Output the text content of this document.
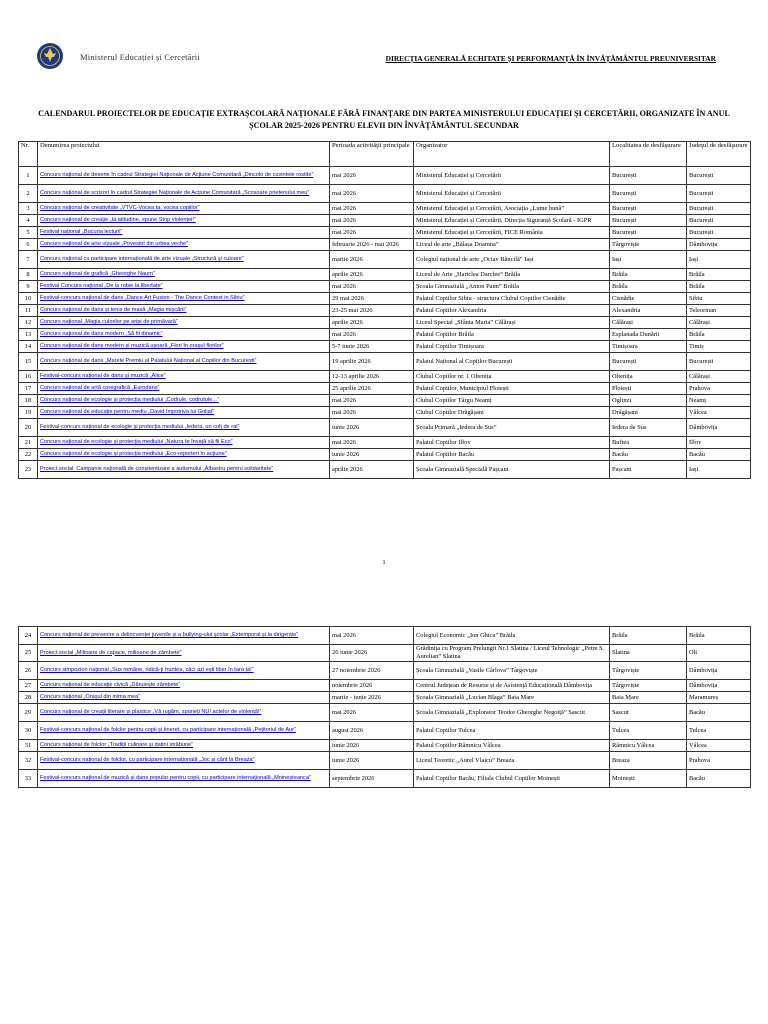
Ministerul Educației și Cercetării	DIRECȚIA GENERALĂ ECHITATE ȘI PERFORMANȚĂ ÎN ÎNVĂȚĂMÂNTUL PREUNIVERSITAR
CALENDARUL PROIECTELOR DE EDUCAȚIE EXTRAȘCOLARĂ NAȚIONALE FĂRĂ FINANȚARE DIN PARTEA MINISTERULUI EDUCAȚIEI ȘI CERCETĂRII, ORGANIZATE ÎN ANUL ȘCOLAR 2025-2026 PENTRU ELEVII DIN ÎNVĂȚĂMÂNTUL SECUNDAR
Nr.	Denumirea proiectului	Perioada activităţii principale	Organizator	Localitatea de desfăşurare	Judeţul de desfăşurare
1	Concurs național de desene în cadrul Strategiei Naționale de Acțiune Comunitară „Dincolo de cuvintele rostite”	mai 2026	Ministerul Educației și Cercetării	București	București
2	Concurs național de scrisori în cadrul Strategiei Naționale de Acțiune Comunitară „Scrisoare prietenului meu”	mai 2026	Ministerul Educației și Cercetării	București	București
3	Concurs național de creativitate „VTVC-Vocea ta, vocea copiilor”	mai 2026	Ministerul Educației și Cercetării, Asociația „Lume bună”	București	București
4	Concurs național de creație „Ia atitudine, spune Stop violenței!”	mai 2026	Ministerul Educației și Cercetării, Direcția Siguranță Școlară - IGPR	București	București
5	Festival național „Bucuria lecturii”	mai 2026	Ministerul Educației și Cercetării, FICE România	București	București
6	Concurs național de arte vizuale „Povestiri din urbea veche”	februarie 2026 - mai 2026	Liceul de arte „Bălașa Doamna”	Târgoviște	Dâmbovița
7	Concurs național cu participare internațională de arte vizuale „Structură și culoare”	martie 2026	Colegiul național de arte „Octav Băncilă” Iași	Iași	Iași
8	Concurs național de grafică „Gheorghe Naum”	aprilie 2026	Liceul de Arte „Hariclea Darclee” Brăila	Brăila	Brăila
9	Festival Concurs național „De la robie la libertate”	mai 2026	Școala Gimnazială „Anton Pann” Brăila	Brăila	Brăila
10	Festival-concurs național de dans „Dance Art Fusion - The Dance Contest in Sibiu”	29 mai 2026	Palatul Copiilor Sibiu - structura Clubul Copiilor Cisnădie	Cisnădie	Sibiu
11	Concurs național de dans și tenis de masă „Magia mișcării”	23-25 mai 2026	Palatul Copiilor Alexandria	Alexandria	Teleorman
12	Concurs național „Magia culorilor pe aripi de primăvară”	aprilie 2026	Liceul Special „Sfânta Maria” Călărași	Călărași	Călărași
13	Concurs național de dans modern „Să fii dinamic”	mai 2026	Palatul Copiilor Brăila	Esplanada Dunării	Brăila
14	Concurs național de dans modern și muzică ușoară „Flori în orașul florilor”	5-7 iunie 2026	Palatul Copiilor Timișoara	Timișoara	Timiș
15	Concurs național de dans „Marele Premiu al Palatului Național al Copiilor din București”	19 aprilie 2026	Palatul Național al Copiilor București	București	București
16	Festival-concurs național de dans și muzică „Alice”	12-13 aprilie 2026	Clubul Copiilor nr. 1 Oltenița	Oltenița	Călărași
17	Concurs național de artă coregrafică „Eurodans”	25 aprilie 2026	Palatul Copiilor, Municipiul Ploiești	Ploiești	Prahova
18	Concurs național de ecologie și protecția mediului „Codrule, codrutule...”	mai 2026	Clubul Copiilor Târgu Neamț	Oglinzi	Neamț
19	Concurs național de educație pentru mediu „David împotriva lui Goliat”	mai 2026	Clubul Copiilor Drăgășani	Drăgășani	Vâlcea
20	Festival-concurs național de ecologie și protecția mediului „Iedera, un colț de rai”	iunie 2026	Școala Primară „Iedera de Sus”	Iedera de Sus	Dâmbovița
21	Concurs național de ecologie și protecția mediului „Natura te învață să fii Eco”	mai 2026	Palatul Copiilor Ilfov	Buftea	Ilfov
22	Concurs național de ecologie și protecția mediului „Eco-reporteri în acțiune”	iunie 2026	Palatul Copiilor Bacău	Bacău	Bacău
23	Proiect social: Campanie națională de conștientizare a autismului „Albastru pentru solidaritate”	aprilie 2026	Școala Gimnazială Specială Pașcani	Pașcani	Iași
1
24	Concurs național de prevenire a delincvenței juvenile și a bullying-ului școlar „Extemporal și la dirigenție”	mai 2026	Colegiul Economic „Ion Ghica” Brăila	Brăila	Brăila
25	Proiect social „Milioane de capace, milioane de zâmbete”	26 iunie 2026	Grădinița cu Program Prelungit Nr.1 Slatina / Liceul Tehnologic „Petre S. Aurelian” Slatina	Slatina	Olt
26	Concurs simpozion național „Sus române, ridică-ți fruntea, căci azi ești liber în tara ta!”	27 noiembrie 2026	Școala Gimnazială „Vasile Cârlova” Târgoviște	Târgoviște	Dâmbovița
27	Concurs național de educație civică „Dăruiește zâmbete”	noiembrie 2026	Centrul Județean de Resurse și de Asistență Educațională Dâmbovița	Târgoviște	Dâmbovița
28	Concurs național „Orașul din inima mea”	martie - iunie 2026	Școala Gimnazială „Lucian Blaga” Baia Mare	Baia Mare	Maramureș
29	Concurs național de creații literare și plastice „Vă rugăm, spuneți NU! actelor de violență!”	mai 2026	Școala Gimnazială „Explorator Teodor Gheorghe Negoiță” Sascut	Sascut	Bacău
30	Festival-concurs național de folclor pentru copii și tineret, cu participare internațională „Pețitoriul de Aur”	august 2026	Palatul Copiilor Tulcea	Tulcea	Tulcea
31	Concurs național de folclor „Tradiții culinare și datini străbune”	iunie 2026	Palatul Copiilor Râmnicu Vâlcea	Râmnicu Vâlcea	Vâlcea
32	Festival-concurs național de folclor, cu participare internațională „Joc și cânt la Breaza”	iunie 2026	Liceul Teoretic „Aurel Vlaicu” Breaza	Breaza	Prahova
33	Festival-concurs național de muzică și dans popular pentru copii, cu participare internațională „Moineșteanca”	septembrie 2026	Palatul Copiilor Bacău, Filiala Clubul Copiilor Moinești	Moinești	Bacău
